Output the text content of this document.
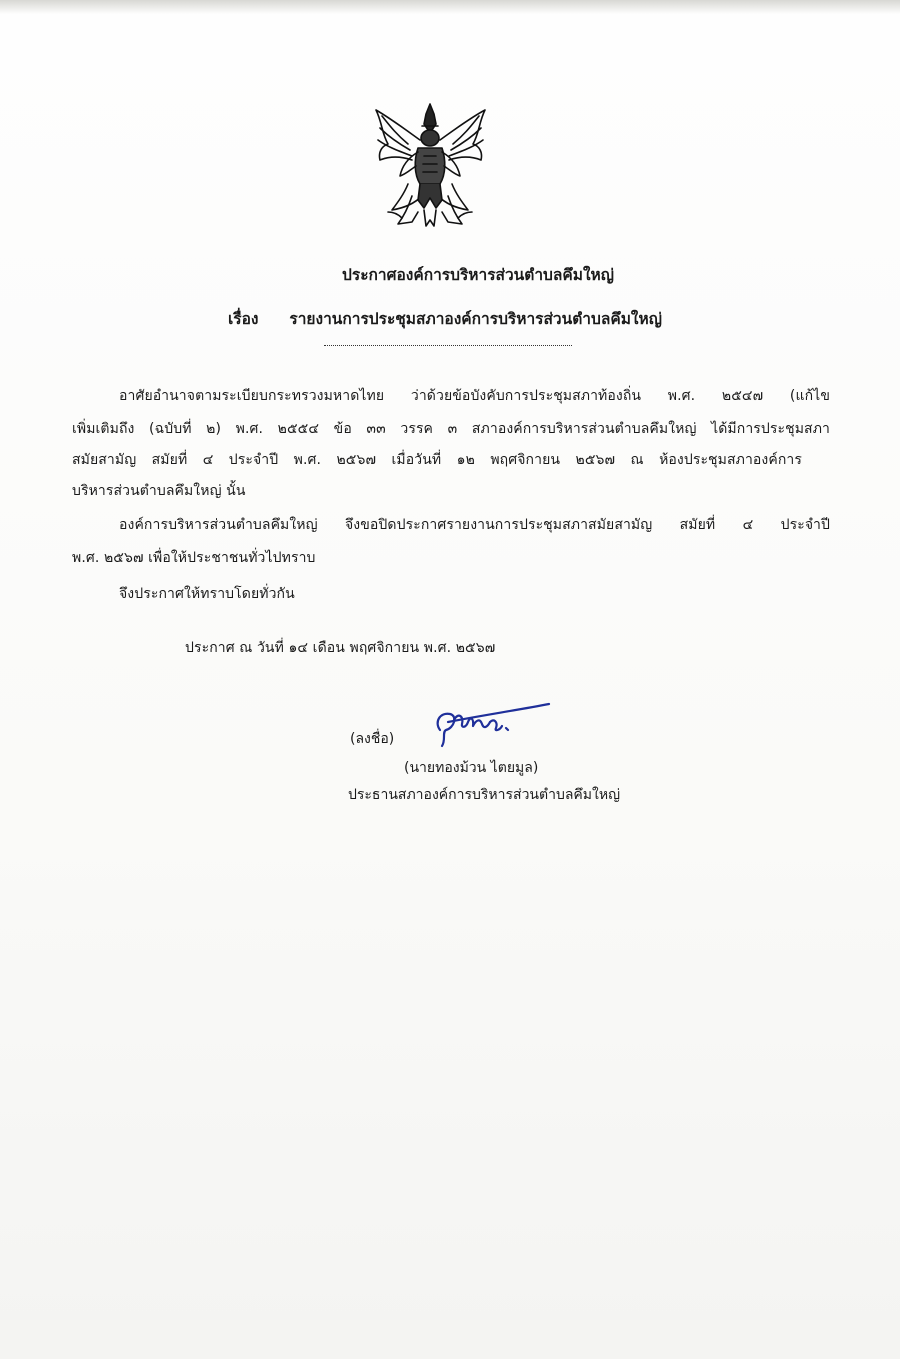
ประกาศองค์การบริหารส่วนตำบลคึมใหญ่
เรื่อง รายงานการประชุมสภาองค์การบริหารส่วนตำบลคึมใหญ่
อาศัยอำนาจตามระเบียบกระทรวงมหาดไทย ว่าด้วยข้อบังคับการประชุมสภาท้องถิ่น พ.ศ. ๒๕๔๗ (แก้ไข
เพิ่มเติมถึง (ฉบับที่ ๒) พ.ศ. ๒๕๕๔ ข้อ ๓๓ วรรค ๓ สภาองค์การบริหารส่วนตำบลคึมใหญ่ ได้มีการประชุมสภา
สมัยสามัญ สมัยที่ ๔ ประจำปี พ.ศ. ๒๕๖๗ เมื่อวันที่ ๑๒ พฤศจิกายน ๒๕๖๗ ณ ห้องประชุมสภาองค์การ
บริหารส่วนตำบลคึมใหญ่ นั้น
องค์การบริหารส่วนตำบลคึมใหญ่ จึงขอปิดประกาศรายงานการประชุมสภาสมัยสามัญ สมัยที่ ๔ ประจำปี
พ.ศ. ๒๕๖๗ เพื่อให้ประชาชนทั่วไปทราบ
จึงประกาศให้ทราบโดยทั่วกัน
ประกาศ ณ วันที่ ๑๔ เดือน พฤศจิกายน พ.ศ. ๒๕๖๗
(ลงชื่อ)
(นายทองม้วน ไตยมูล)
ประธานสภาองค์การบริหารส่วนตำบลคึมใหญ่
